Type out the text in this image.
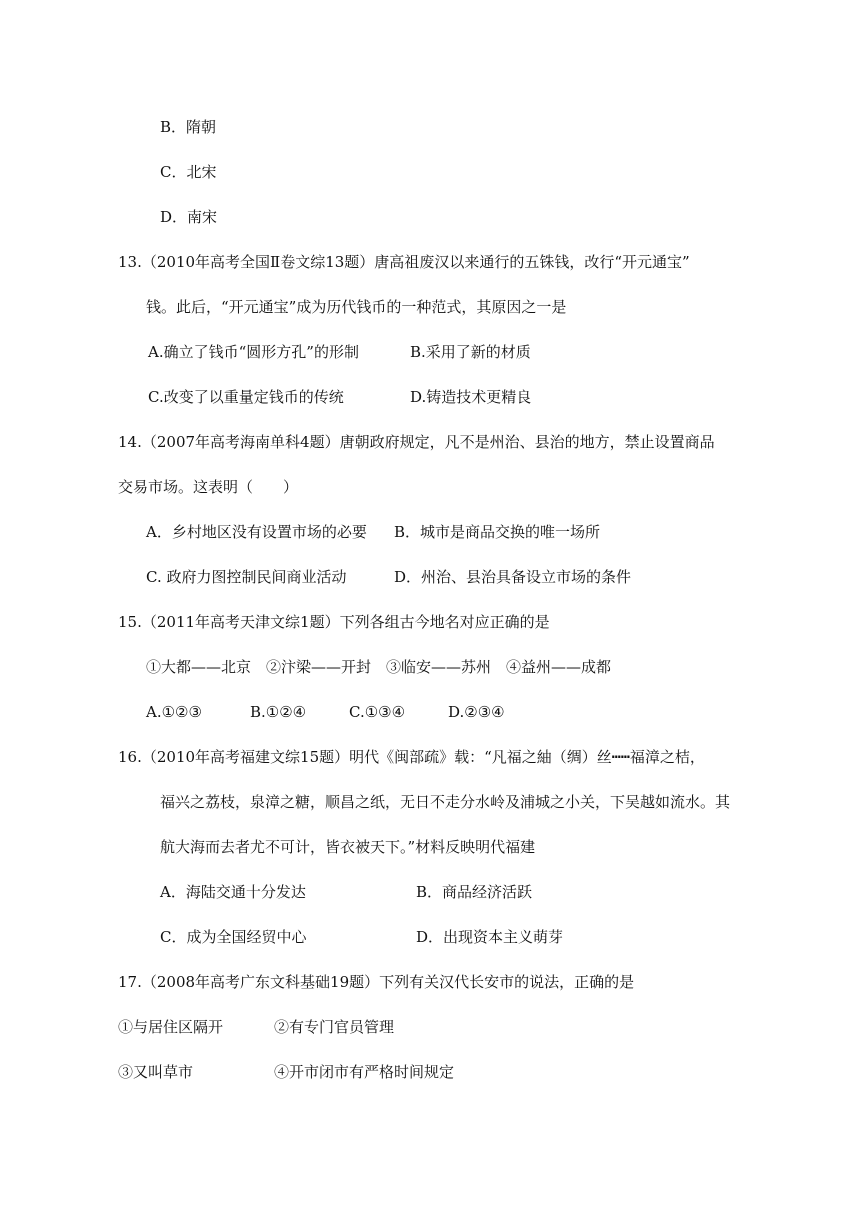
B．隋朝
C．北宋
D．南宋
13.（2010年高考全国Ⅱ卷文综13题）唐高祖废汉以来通行的五铢钱，改行“开元通宝”
钱。此后，“开元通宝”成为历代钱币的一种范式，其原因之一是
A.确立了钱币“圆形方孔”的形制	B.采用了新的材质
C.改变了以重量定钱币的传统	D.铸造技术更精良
14.（2007年高考海南单科4题）唐朝政府规定，凡不是州治、县治的地方，禁止设置商品
交易市场。这表明（　　）
A．乡村地区没有设置市场的必要 B．城市是商品交换的唯一场所
C. 政府力图控制民间商业活动	D．州治、县治具备设立市场的条件
15.（2011年高考天津文综1题）下列各组古今地名对应正确的是
①大都——北京　②汴梁——开封　③临安——苏州　④益州——成都
A.①②③	B.①②④	C.①③④	D.②③④
16.（2010年高考福建文综15题）明代《闽部疏》载：“凡福之紬（绸）丝┅┅福漳之桔，
福兴之荔枝，泉漳之糖，顺昌之纸，无日不走分水岭及浦城之小关，下吴越如流水。其
航大海而去者尤不可计，皆衣被天下。”材料反映明代福建
A．海陆交通十分发达	B．商品经济活跃
C．成为全国经贸中心	D．出现资本主义萌芽
17.（2008年高考广东文科基础19题）下列有关汉代长安市的说法，正确的是
①与居住区隔开	②有专门官员管理
③又叫草市	④开市闭市有严格时间规定
